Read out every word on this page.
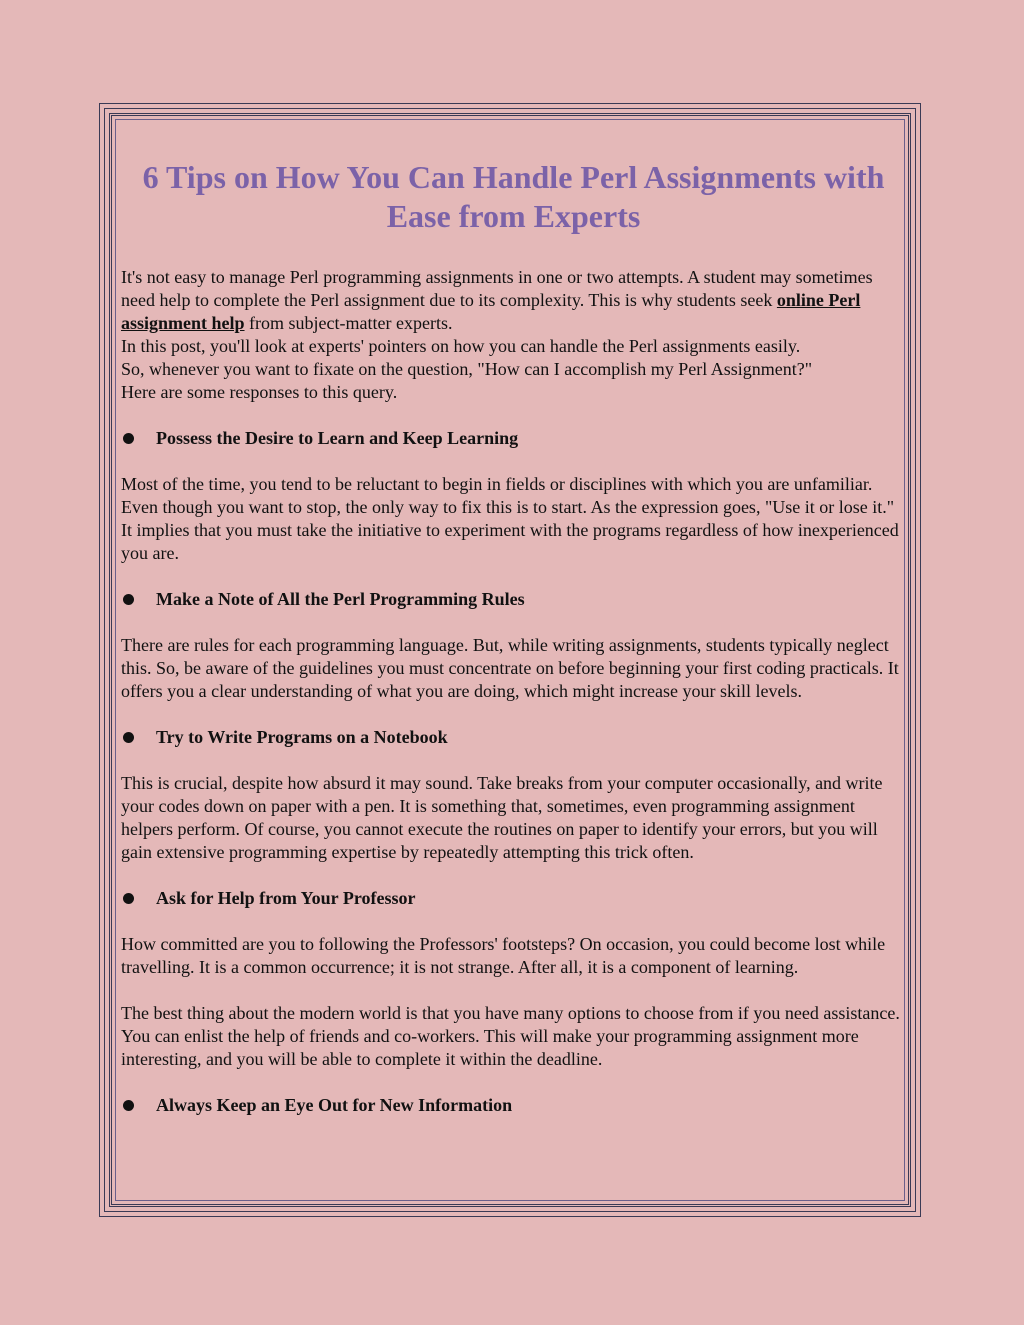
6 Tips on How You Can Handle Perl Assignments with Ease from Experts

It's not easy to manage Perl programming assignments in one or two attempts. A student may sometimes need help to complete the Perl assignment due to its complexity. This is why students seek online Perl assignment help from subject-matter experts.

In this post, you'll look at experts' pointers on how you can handle the Perl assignments easily.

So, whenever you want to fixate on the question, "How can I accomplish my Perl Assignment?"

Here are some responses to this query.

Possess the Desire to Learn and Keep Learning

Most of the time, you tend to be reluctant to begin in fields or disciplines with which you are unfamiliar. Even though you want to stop, the only way to fix this is to start. As the expression goes, "Use it or lose it." It implies that you must take the initiative to experiment with the programs regardless of how inexperienced you are.

Make a Note of All the Perl Programming Rules

There are rules for each programming language. But, while writing assignments, students typically neglect this. So, be aware of the guidelines you must concentrate on before beginning your first coding practicals. It offers you a clear understanding of what you are doing, which might increase your skill levels.

Try to Write Programs on a Notebook

This is crucial, despite how absurd it may sound. Take breaks from your computer occasionally, and write your codes down on paper with a pen. It is something that, sometimes, even programming assignment helpers perform. Of course, you cannot execute the routines on paper to identify your errors, but you will gain extensive programming expertise by repeatedly attempting this trick often.

Ask for Help from Your Professor

How committed are you to following the Professors' footsteps? On occasion, you could become lost while travelling. It is a common occurrence; it is not strange. After all, it is a component of learning.

The best thing about the modern world is that you have many options to choose from if you need assistance. You can enlist the help of friends and co-workers. This will make your programming assignment more interesting, and you will be able to complete it within the deadline.

Always Keep an Eye Out for New Information
